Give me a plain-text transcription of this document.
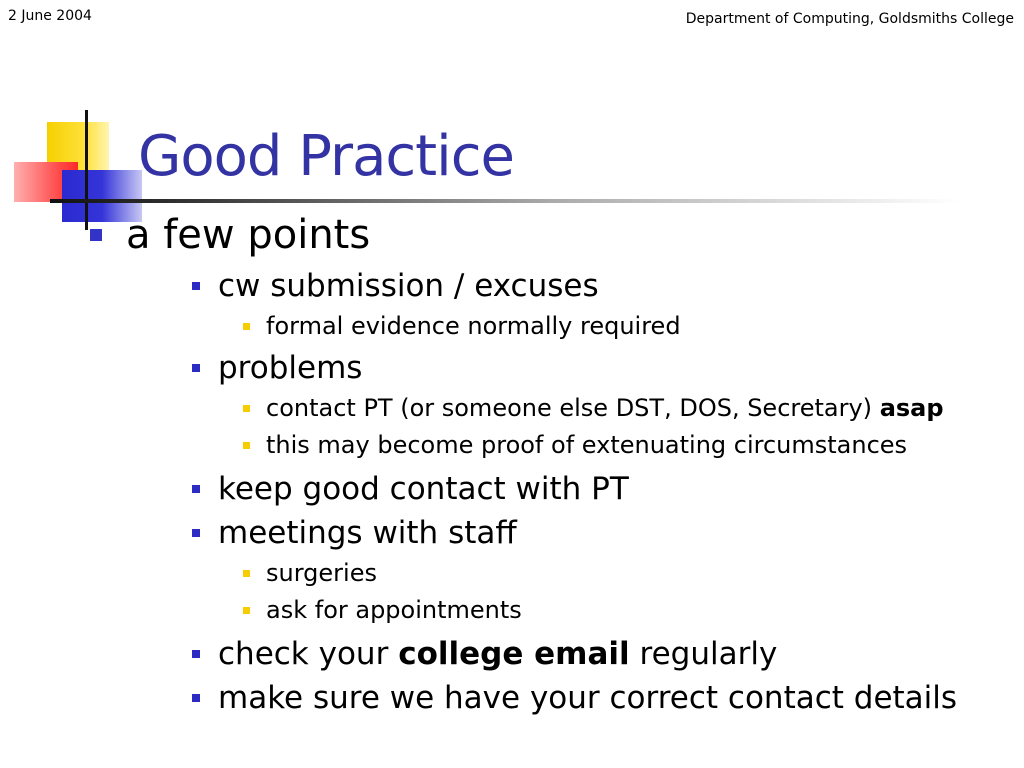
2 June 2004	Department of Computing, Goldsmiths College
Good Practice
a few points
cw submission / excuses
formal evidence normally required
problems
contact PT (or someone else DST, DOS, Secretary) asap
this may become proof of extenuating circumstances
keep good contact with PT
meetings with staff
surgeries
ask for appointments
check your college email regularly
make sure we have your correct contact details
